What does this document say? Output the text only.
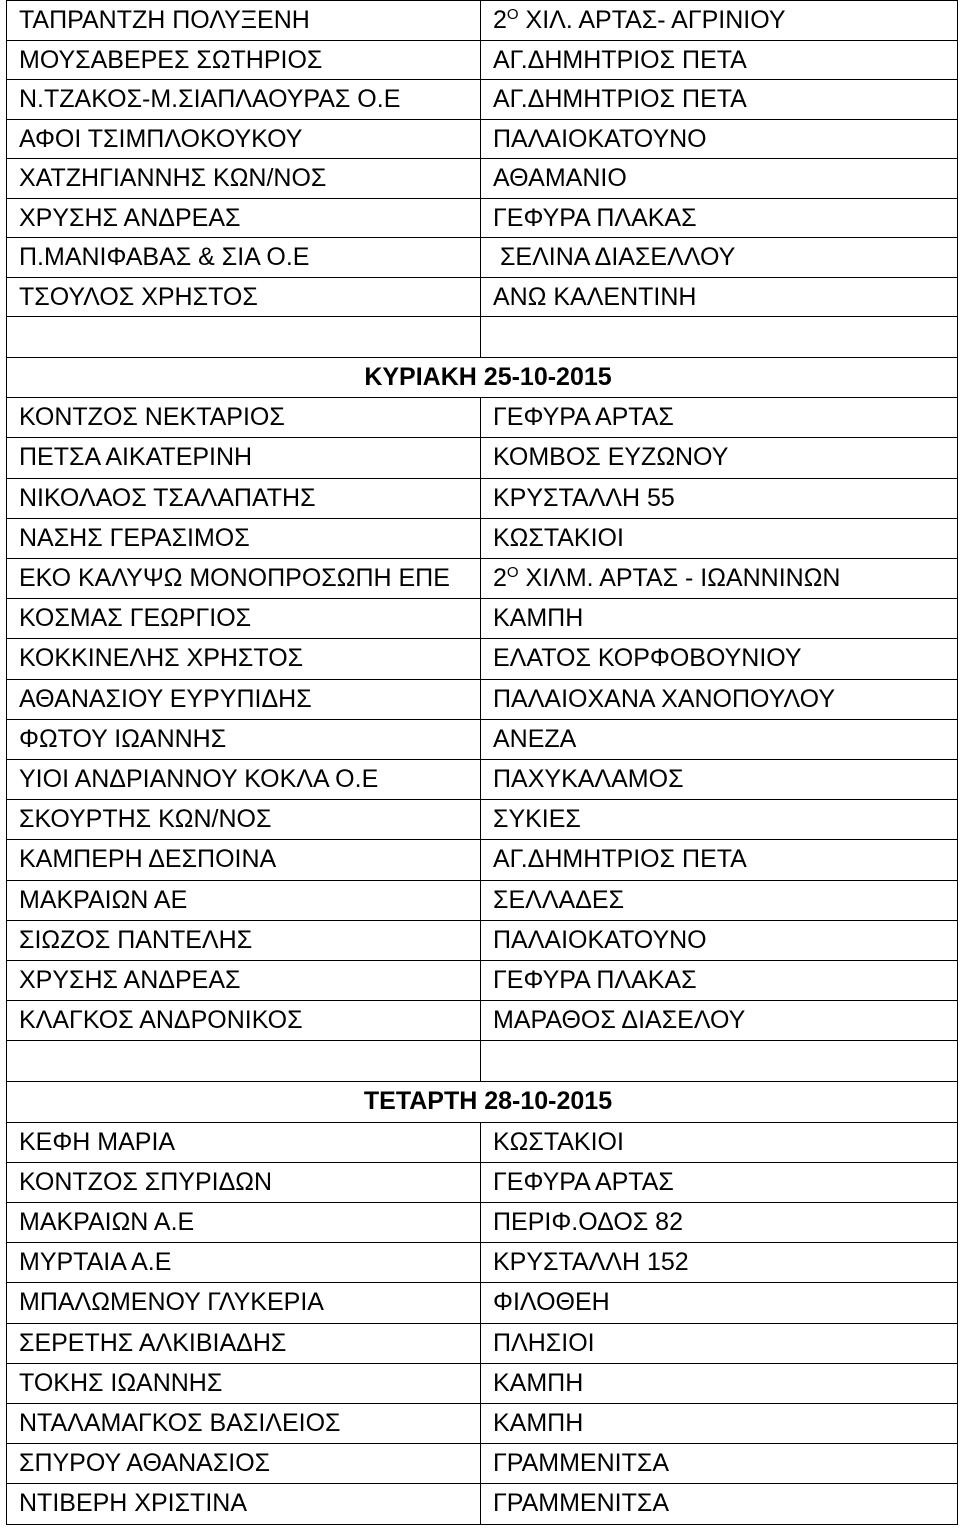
ΤΑΠΡΑΝΤΖΗ ΠΟΛΥΞΕΝΗ	$2^O$ ΧΙΛ. ΑΡΤΑΣ- ΑΓΡΙΝΙΟΥ
ΜΟΥΣΑΒΕΡΕΣ ΣΩΤΗΡΙΟΣ	ΑΓ.ΔΗΜΗΤΡΙΟΣ ΠΕΤΑ
Ν.ΤΖΑΚΟΣ-Μ.ΣΙΑΠΛΑΟΥΡΑΣ Ο.Ε	ΑΓ.ΔΗΜΗΤΡΙΟΣ ΠΕΤΑ
ΑΦΟΙ ΤΣΙΜΠΛΟΚΟΥΚΟΥ	ΠΑΛΑΙΟΚΑΤΟΥΝΟ
ΧΑΤΖΗΓΙΑΝΝΗΣ ΚΩΝ/ΝΟΣ	ΑΘΑΜΑΝΙΟ
ΧΡΥΣΗΣ ΑΝΔΡΕΑΣ	ΓΕΦΥΡΑ ΠΛΑΚΑΣ
Π.ΜΑΝΙΦΑΒΑΣ & ΣΙΑ Ο.Ε	ΣΕΛΙΝΑ ΔΙΑΣΕΛΛΟΥ
ΤΣΟΥΛΟΣ ΧΡΗΣΤΟΣ	ΑΝΩ ΚΑΛΕΝΤΙΝΗ

ΚΥΡΙΑΚΗ 25-10-2015	
ΚΟΝΤΖΟΣ ΝΕΚΤΑΡΙΟΣ	ΓΕΦΥΡΑ ΑΡΤΑΣ
ΠΕΤΣΑ ΑΙΚΑΤΕΡΙΝΗ	ΚΟΜΒΟΣ ΕΥΖΩΝΟΥ
ΝΙΚΟΛΑΟΣ ΤΣΑΛΑΠΑΤΗΣ	ΚΡΥΣΤΑΛΛΗ 55
ΝΑΣΗΣ ΓΕΡΑΣΙΜΟΣ	ΚΩΣΤΑΚΙΟΙ

ΕΚΟ ΚΑΛΥΨΩ ΜΟΝΟΠΡΟΣΩΠΗ ΕΠΕ	$2^O$ ΧΙΛΜ. ΑΡΤΑΣ - ΙΩΑΝΝΙΝΩΝ
ΚΟΣΜΑΣ ΓΕΩΡΓΙΟΣ	ΚΑΜΠΗ
ΚΟΚΚΙΝΕΛΗΣ ΧΡΗΣΤΟΣ	ΕΛΑΤΟΣ ΚΟΡΦΟΒΟΥΝΙΟΥ
ΑΘΑΝΑΣΙΟΥ ΕΥΡΥΠΙΔΗΣ	ΠΑΛΑΙΟΧΑΝΑ ΧΑΝΟΠΟΥΛΟΥ
ΦΩΤΟΥ ΙΩΑΝΝΗΣ	ΑΝΕΖΑ
ΥΙΟΙ ΑΝΔΡΙΑΝΝΟΥ ΚΟΚΛΑ Ο.Ε	ΠΑΧΥΚΑΛΑΜΟΣ
ΣΚΟΥΡΤΗΣ ΚΩΝ/ΝΟΣ	ΣΥΚΙΕΣ
ΚΑΜΠΕΡΗ ΔΕΣΠΟΙΝΑ	ΑΓ.ΔΗΜΗΤΡΙΟΣ ΠΕΤΑ
ΜΑΚΡΑΙΩΝ ΑΕ	ΣΕΛΛΑΔΕΣ
ΣΙΩΖΟΣ ΠΑΝΤΕΛΗΣ	ΠΑΛΑΙΟΚΑΤΟΥΝΟ
ΧΡΥΣΗΣ ΑΝΔΡΕΑΣ	ΓΕΦΥΡΑ ΠΛΑΚΑΣ
ΚΛΑΓΚΟΣ ΑΝΔΡΟΝΙΚΟΣ	ΜΑΡΑΘΟΣ ΔΙΑΣΕΛΟΥ

ΤΕΤΑΡΤΗ 28-10-2015	
ΚΕΦΗ ΜΑΡΙΑ	ΚΩΣΤΑΚΙΟΙ
ΚΟΝΤΖΟΣ ΣΠΥΡΙΔΩΝ	ΓΕΦΥΡΑ ΑΡΤΑΣ
ΜΑΚΡΑΙΩΝ Α.Ε	ΠΕΡΙΦ.ΟΔΟΣ 82
ΜΥΡΤΑΙΑ Α.Ε	ΚΡΥΣΤΑΛΛΗ 152
ΜΠΑΛΩΜΕΝΟΥ ΓΛΥΚΕΡΙΑ	ΦΙΛΟΘΕΗ
ΣΕΡΕΤΗΣ ΑΛΚΙΒΙΑΔΗΣ	ΠΛΗΣΙΟΙ
ΤΟΚΗΣ ΙΩΑΝΝΗΣ	ΚΑΜΠΗ
ΝΤΑΛΑΜΑΓΚΟΣ ΒΑΣΙΛΕΙΟΣ	ΚΑΜΠΗ
ΣΠΥΡΟΥ ΑΘΑΝΑΣΙΟΣ	ΓΡΑΜΜΕΝΙΤΣΑ
ΝΤΙΒΕΡΗ ΧΡΙΣΤΙΝΑ	ΓΡΑΜΜΕΝΙΤΣΑ
